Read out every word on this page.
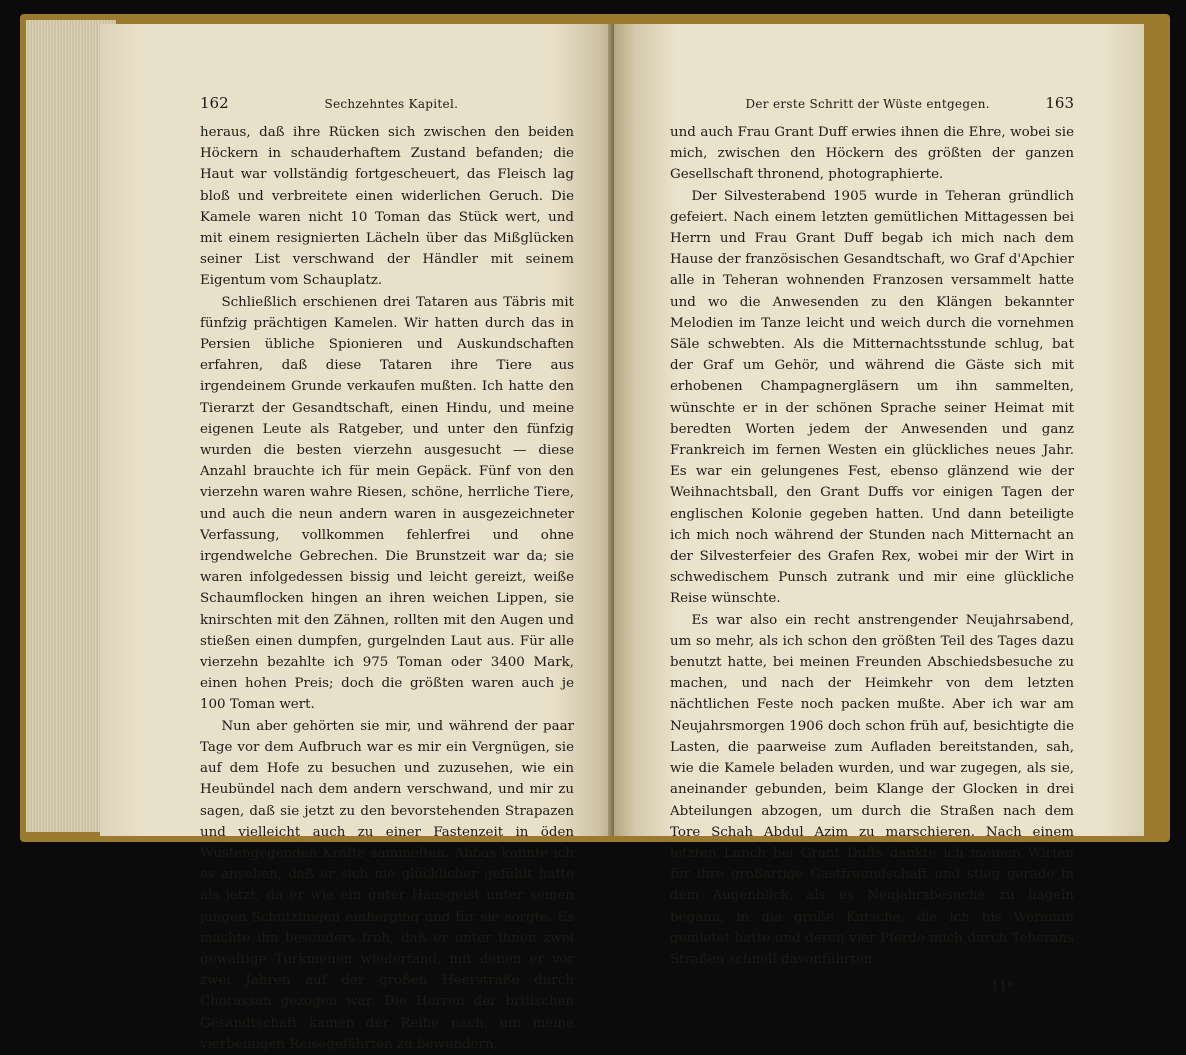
162	Sechzehntes Kapitel.

heraus, daß ihre Rücken sich zwischen den beiden Höckern in schauderhaftem Zustand befanden; die Haut war vollständig fortgescheuert, das Fleisch lag bloß und verbreitete einen widerlichen Geruch. Die Kamele waren nicht 10 Toman das Stück wert, und mit einem resignierten Lächeln über das Mißglücken seiner List verschwand der Händler mit seinem Eigentum vom Schauplatz.

Schließlich erschienen drei Tataren aus Täbris mit fünfzig prächtigen Kamelen. Wir hatten durch das in Persien übliche Spionieren und Auskundschaften erfahren, daß diese Tataren ihre Tiere aus irgendeinem Grunde verkaufen mußten. Ich hatte den Tierarzt der Gesandtschaft, einen Hindu, und meine eigenen Leute als Ratgeber, und unter den fünfzig wurden die besten vierzehn ausgesucht — diese Anzahl brauchte ich für mein Gepäck. Fünf von den vierzehn waren wahre Riesen, schöne, herrliche Tiere, und auch die neun andern waren in ausgezeichneter Verfassung, vollkommen fehlerfrei und ohne irgendwelche Gebrechen. Die Brunstzeit war da; sie waren infolgedessen bissig und leicht gereizt, weiße Schaumflocken hingen an ihren weichen Lippen, sie knirschten mit den Zähnen, rollten mit den Augen und stießen einen dumpfen, gurgelnden Laut aus. Für alle vierzehn bezahlte ich 975 Toman oder 3400 Mark, einen hohen Preis; doch die größten waren auch je 100 Toman wert.

Nun aber gehörten sie mir, und während der paar Tage vor dem Aufbruch war es mir ein Vergnügen, sie auf dem Hofe zu besuchen und zuzusehen, wie ein Heubündel nach dem andern verschwand, und mir zu sagen, daß sie jetzt zu den bevorstehenden Strapazen und vielleicht auch zu einer Fastenzeit in öden Wüstengegenden Kräfte sammelten. Abbas konnte ich es ansehen, daß er sich nie glücklicher gefühlt hatte als jetzt, da er wie ein guter Hausgeist unter seinen jungen Schützlingen einherging und für sie sorgte. Es machte ihn besonders froh, daß er unter ihnen zwei gewaltige Turkmenen wiederfand, mit denen er vor zwei Jahren auf der großen Heerstraße durch Chorassan gezogen war. Die Herren der britischen Gesandtschaft kamen der Reihe nach, um meine vierbeinigen Reisegefährten zu bewundern,

Der erste Schritt der Wüste entgegen.	163

und auch Frau Grant Duff erwies ihnen die Ehre, wobei sie mich, zwischen den Höckern des größten der ganzen Gesellschaft thronend, photographierte.

Der Silvesterabend 1905 wurde in Teheran gründlich gefeiert. Nach einem letzten gemütlichen Mittagessen bei Herrn und Frau Grant Duff begab ich mich nach dem Hause der französischen Gesandtschaft, wo Graf d'Apchier alle in Teheran wohnenden Franzosen versammelt hatte und wo die Anwesenden zu den Klängen bekannter Melodien im Tanze leicht und weich durch die vornehmen Säle schwebten. Als die Mitternachtsstunde schlug, bat der Graf um Gehör, und während die Gäste sich mit erhobenen Champagnergläsern um ihn sammelten, wünschte er in der schönen Sprache seiner Heimat mit beredten Worten jedem der Anwesenden und ganz Frankreich im fernen Westen ein glückliches neues Jahr. Es war ein gelungenes Fest, ebenso glänzend wie der Weihnachtsball, den Grant Duffs vor einigen Tagen der englischen Kolonie gegeben hatten. Und dann beteiligte ich mich noch während der Stunden nach Mitternacht an der Silvesterfeier des Grafen Rex, wobei mir der Wirt in schwedischem Punsch zutrank und mir eine glückliche Reise wünschte.

Es war also ein recht anstrengender Neujahrsabend, um so mehr, als ich schon den größten Teil des Tages dazu benutzt hatte, bei meinen Freunden Abschiedsbesuche zu machen, und nach der Heimkehr von dem letzten nächtlichen Feste noch packen mußte. Aber ich war am Neujahrsmorgen 1906 doch schon früh auf, besichtigte die Lasten, die paarweise zum Aufladen bereitstanden, sah, wie die Kamele beladen wurden, und war zugegen, als sie, aneinander gebunden, beim Klange der Glocken in drei Abteilungen abzogen, um durch die Straßen nach dem Tore Schah Abdul Azim zu marschieren. Nach einem letzten Lunch bei Grant Duffs dankte ich meinen Wirten für ihre großartige Gastfreundschaft und stieg gerade in dem Augenblick, als es Neujahrsbesuche zu hageln begann, in die große Kutsche, die ich bis Weramin gemietet hatte und deren vier Pferde mich durch Teherans Straßen schnell davonführten.

11*
